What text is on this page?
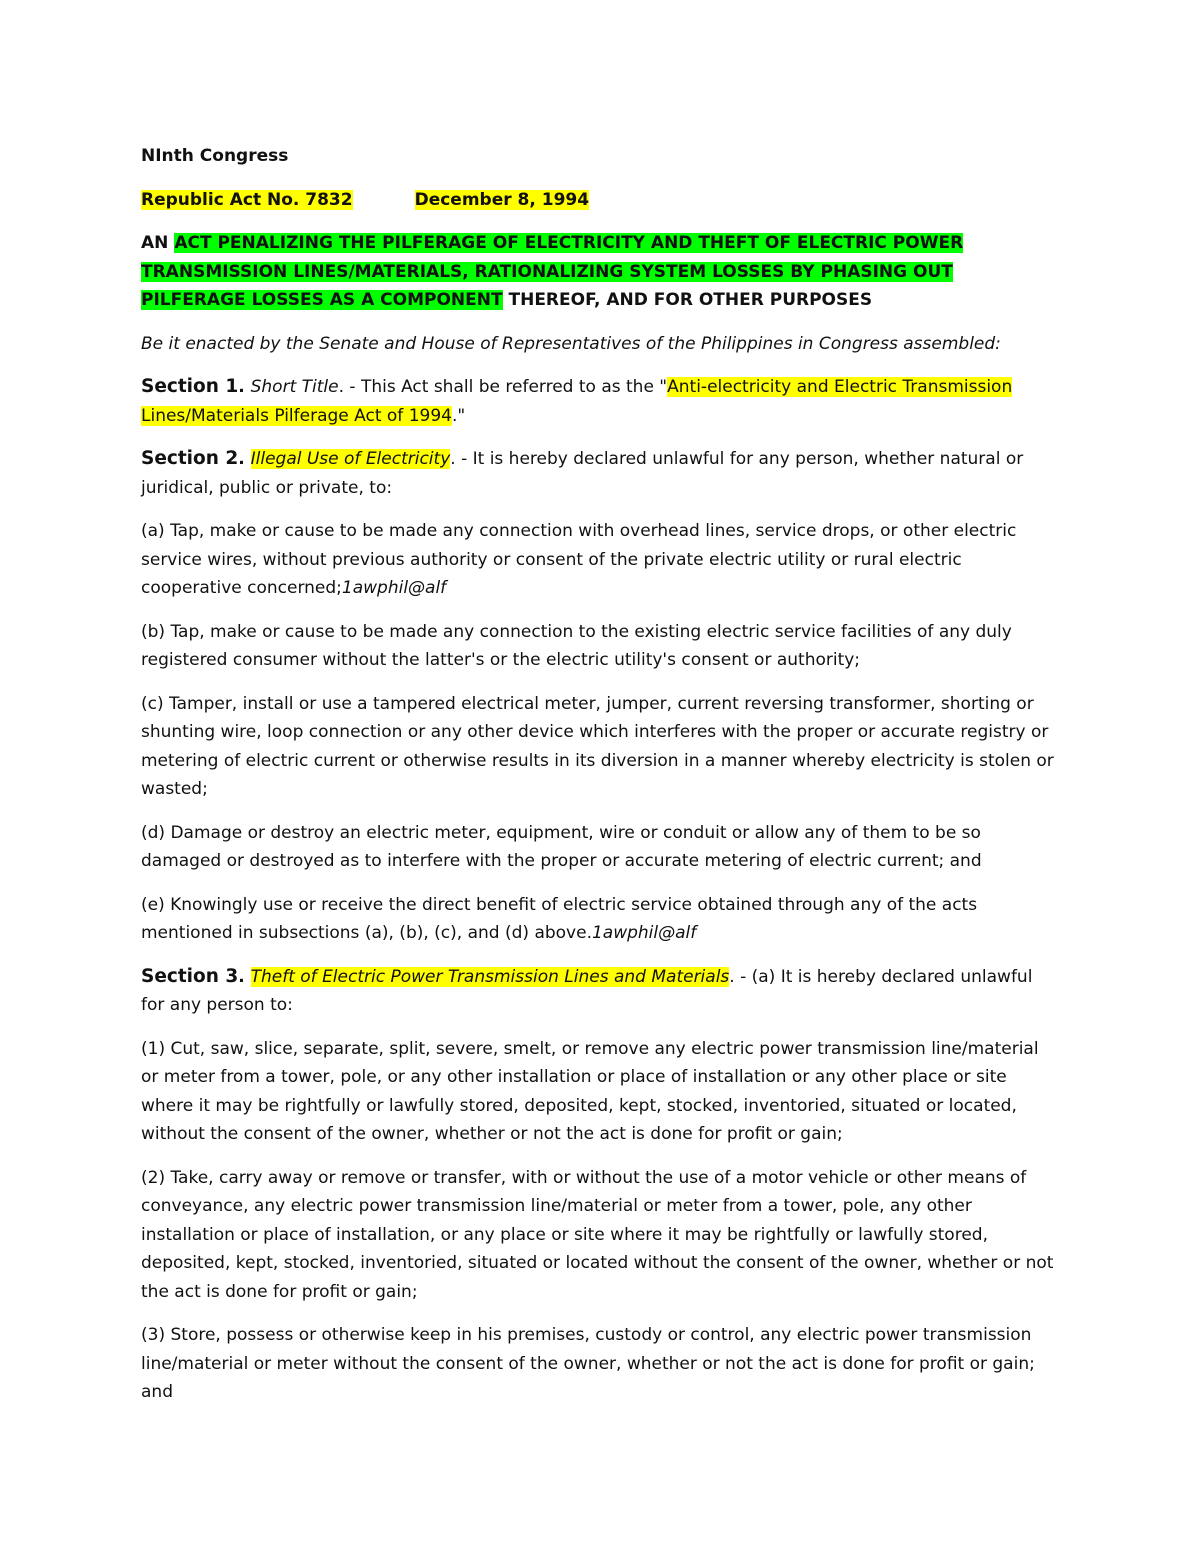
NInth Congress

Republic Act No. 7832	December 8, 1994

AN ACT PENALIZING THE PILFERAGE OF ELECTRICITY AND THEFT OF ELECTRIC POWER TRANSMISSION LINES/MATERIALS, RATIONALIZING SYSTEM LOSSES BY PHASING OUT PILFERAGE LOSSES AS A COMPONENT THEREOF, AND FOR OTHER PURPOSES

Be it enacted by the Senate and House of Representatives of the Philippines in Congress assembled:

Section 1. Short Title. - This Act shall be referred to as the "Anti-electricity and Electric Transmission Lines/Materials Pilferage Act of 1994."

Section 2. Illegal Use of Electricity. - It is hereby declared unlawful for any person, whether natural or juridical, public or private, to:

(a) Tap, make or cause to be made any connection with overhead lines, service drops, or other electric service wires, without previous authority or consent of the private electric utility or rural electric cooperative concerned;1awphil@alf

(b) Tap, make or cause to be made any connection to the existing electric service facilities of any duly registered consumer without the latter's or the electric utility's consent or authority;

(c) Tamper, install or use a tampered electrical meter, jumper, current reversing transformer, shorting or shunting wire, loop connection or any other device which interferes with the proper or accurate registry or metering of electric current or otherwise results in its diversion in a manner whereby electricity is stolen or wasted;

(d) Damage or destroy an electric meter, equipment, wire or conduit or allow any of them to be so damaged or destroyed as to interfere with the proper or accurate metering of electric current; and

(e) Knowingly use or receive the direct benefit of electric service obtained through any of the acts mentioned in subsections (a), (b), (c), and (d) above.1awphil@alf

Section 3. Theft of Electric Power Transmission Lines and Materials. - (a) It is hereby declared unlawful for any person to:

(1) Cut, saw, slice, separate, split, severe, smelt, or remove any electric power transmission line/material or meter from a tower, pole, or any other installation or place of installation or any other place or site where it may be rightfully or lawfully stored, deposited, kept, stocked, inventoried, situated or located, without the consent of the owner, whether or not the act is done for profit or gain;

(2) Take, carry away or remove or transfer, with or without the use of a motor vehicle or other means of conveyance, any electric power transmission line/material or meter from a tower, pole, any other installation or place of installation, or any place or site where it may be rightfully or lawfully stored, deposited, kept, stocked, inventoried, situated or located without the consent of the owner, whether or not the act is done for profit or gain;

(3) Store, possess or otherwise keep in his premises, custody or control, any electric power transmission line/material or meter without the consent of the owner, whether or not the act is done for profit or gain; and
